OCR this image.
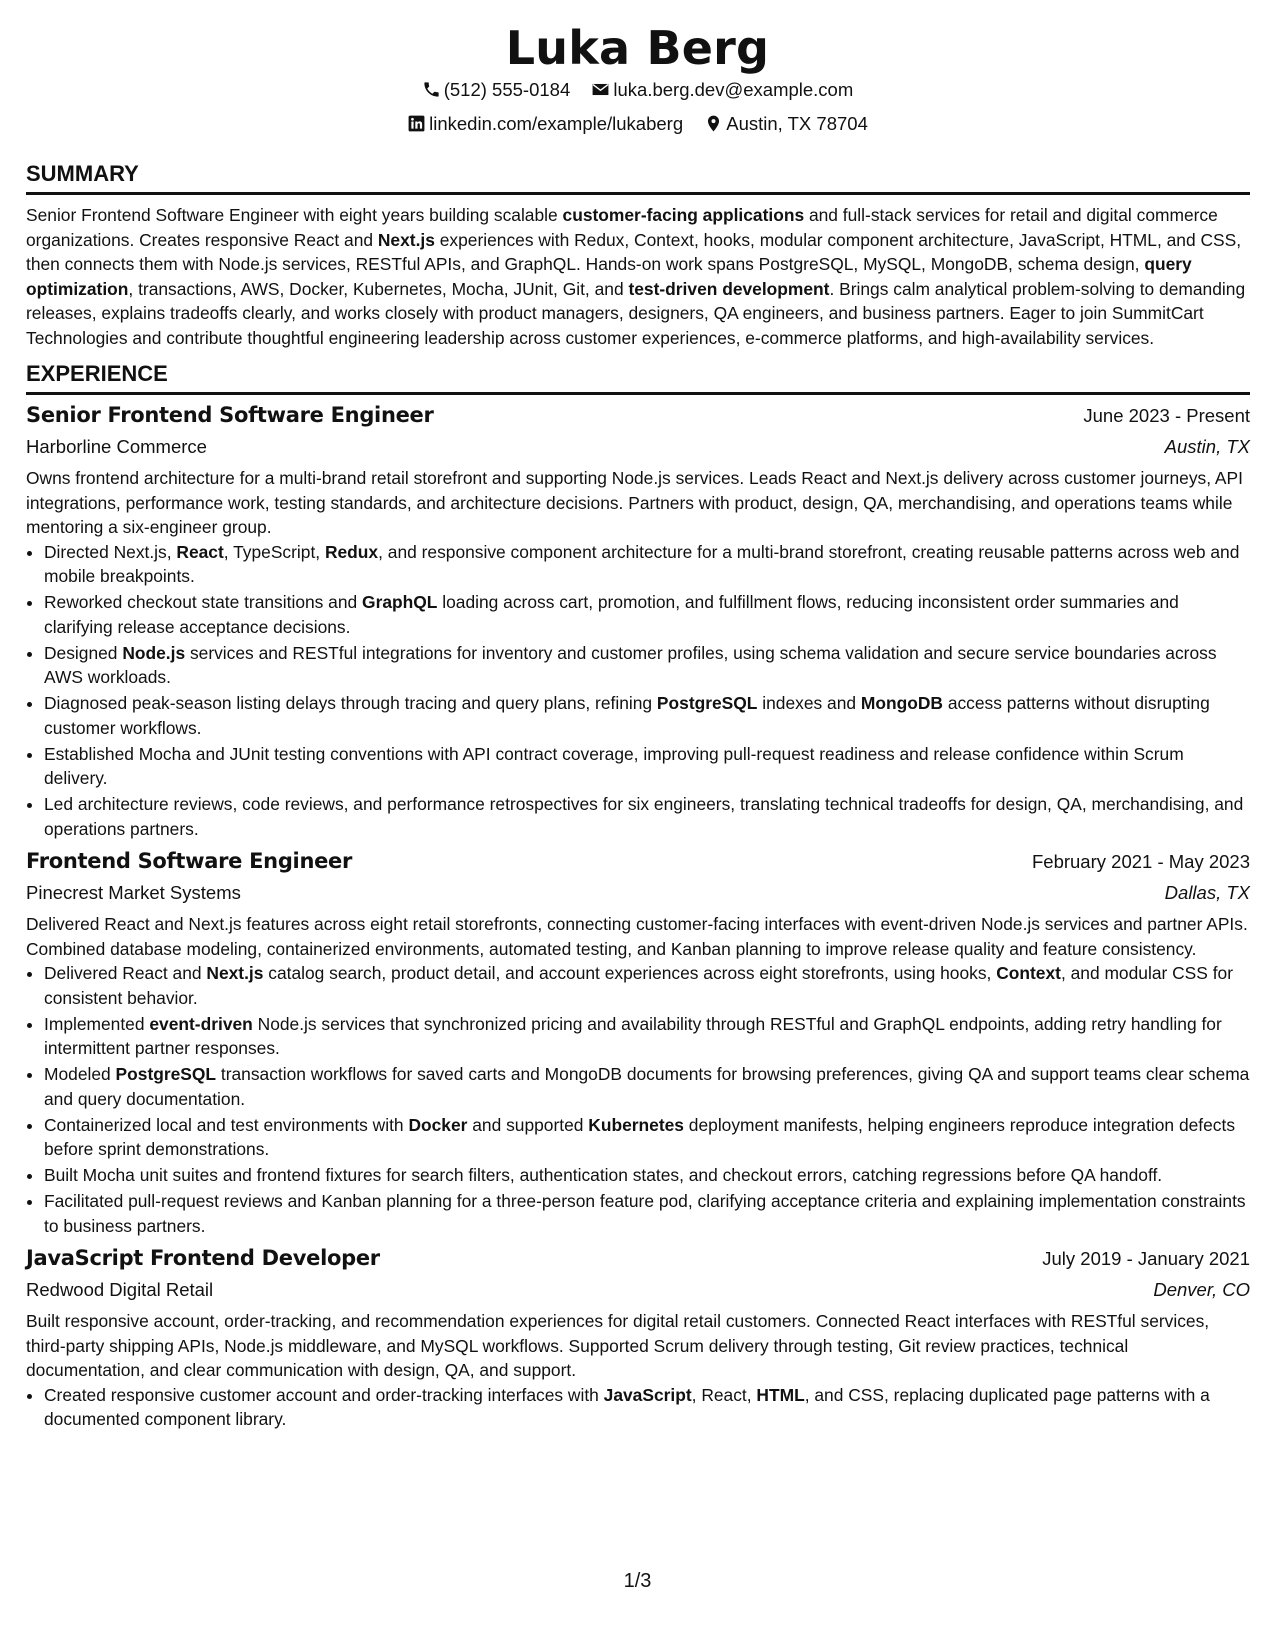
Luka Berg
(512) 555-0184
luka.berg.dev@example.com
linkedin.com/example/lukaberg
Austin, TX 78704
SUMMARY

Senior Frontend Software Engineer with eight years building scalable customer-facing applications and full-stack services for retail and digital commerce organizations. Creates responsive React and Next.js experiences with Redux, Context, hooks, modular component architecture, JavaScript, HTML, and CSS, then connects them with Node.js services, RESTful APIs, and GraphQL. Hands-on work spans PostgreSQL, MySQL, MongoDB, schema design, query optimization, transactions, AWS, Docker, Kubernetes, Mocha, JUnit, Git, and test-driven development. Brings calm analytical problem-solving to demanding releases, explains tradeoffs clearly, and works closely with product managers, designers, QA engineers, and business partners. Eager to join SummitCart Technologies and contribute thoughtful engineering leadership across customer experiences, e-commerce platforms, and high-availability services.

EXPERIENCE
Senior Frontend Software Engineer	June 2023 - Present
Harborline Commerce	Austin, TX

Owns frontend architecture for a multi-brand retail storefront and supporting Node.js services. Leads React and Next.js delivery across customer journeys, API integrations, performance work, testing standards, and architecture decisions. Partners with product, design, QA, merchandising, and operations teams while mentoring a six-engineer group.

• Directed Next.js, React, TypeScript, Redux, and responsive component architecture for a multi-brand storefront, creating reusable patterns across web and mobile breakpoints.
• Reworked checkout state transitions and GraphQL loading across cart, promotion, and fulfillment flows, reducing inconsistent order summaries and clarifying release acceptance decisions.
• Designed Node.js services and RESTful integrations for inventory and customer profiles, using schema validation and secure service boundaries across AWS workloads.
• Diagnosed peak-season listing delays through tracing and query plans, refining PostgreSQL indexes and MongoDB access patterns without disrupting customer workflows.
• Established Mocha and JUnit testing conventions with API contract coverage, improving pull-request readiness and release confidence within Scrum delivery.
• Led architecture reviews, code reviews, and performance retrospectives for six engineers, translating technical tradeoffs for design, QA, merchandising, and operations partners.
Frontend Software Engineer	February 2021 - May 2023
Pinecrest Market Systems	Dallas, TX

Delivered React and Next.js features across eight retail storefronts, connecting customer-facing interfaces with event-driven Node.js services and partner APIs. Combined database modeling, containerized environments, automated testing, and Kanban planning to improve release quality and feature consistency.

• Delivered React and Next.js catalog search, product detail, and account experiences across eight storefronts, using hooks, Context, and modular CSS for consistent behavior.
• Implemented event-driven Node.js services that synchronized pricing and availability through RESTful and GraphQL endpoints, adding retry handling for intermittent partner responses.
• Modeled PostgreSQL transaction workflows for saved carts and MongoDB documents for browsing preferences, giving QA and support teams clear schema and query documentation.
• Containerized local and test environments with Docker and supported Kubernetes deployment manifests, helping engineers reproduce integration defects before sprint demonstrations.
• Built Mocha unit suites and frontend fixtures for search filters, authentication states, and checkout errors, catching regressions before QA handoff.
• Facilitated pull-request reviews and Kanban planning for a three-person feature pod, clarifying acceptance criteria and explaining implementation constraints to business partners.
JavaScript Frontend Developer	July 2019 - January 2021
Redwood Digital Retail	Denver, CO

Built responsive account, order-tracking, and recommendation experiences for digital retail customers. Connected React interfaces with RESTful services, third-party shipping APIs, Node.js middleware, and MySQL workflows. Supported Scrum delivery through testing, Git review practices, technical documentation, and clear communication with design, QA, and support.

• Created responsive customer account and order-tracking interfaces with JavaScript, React, HTML, and CSS, replacing duplicated page patterns with a documented component library.
1/3
